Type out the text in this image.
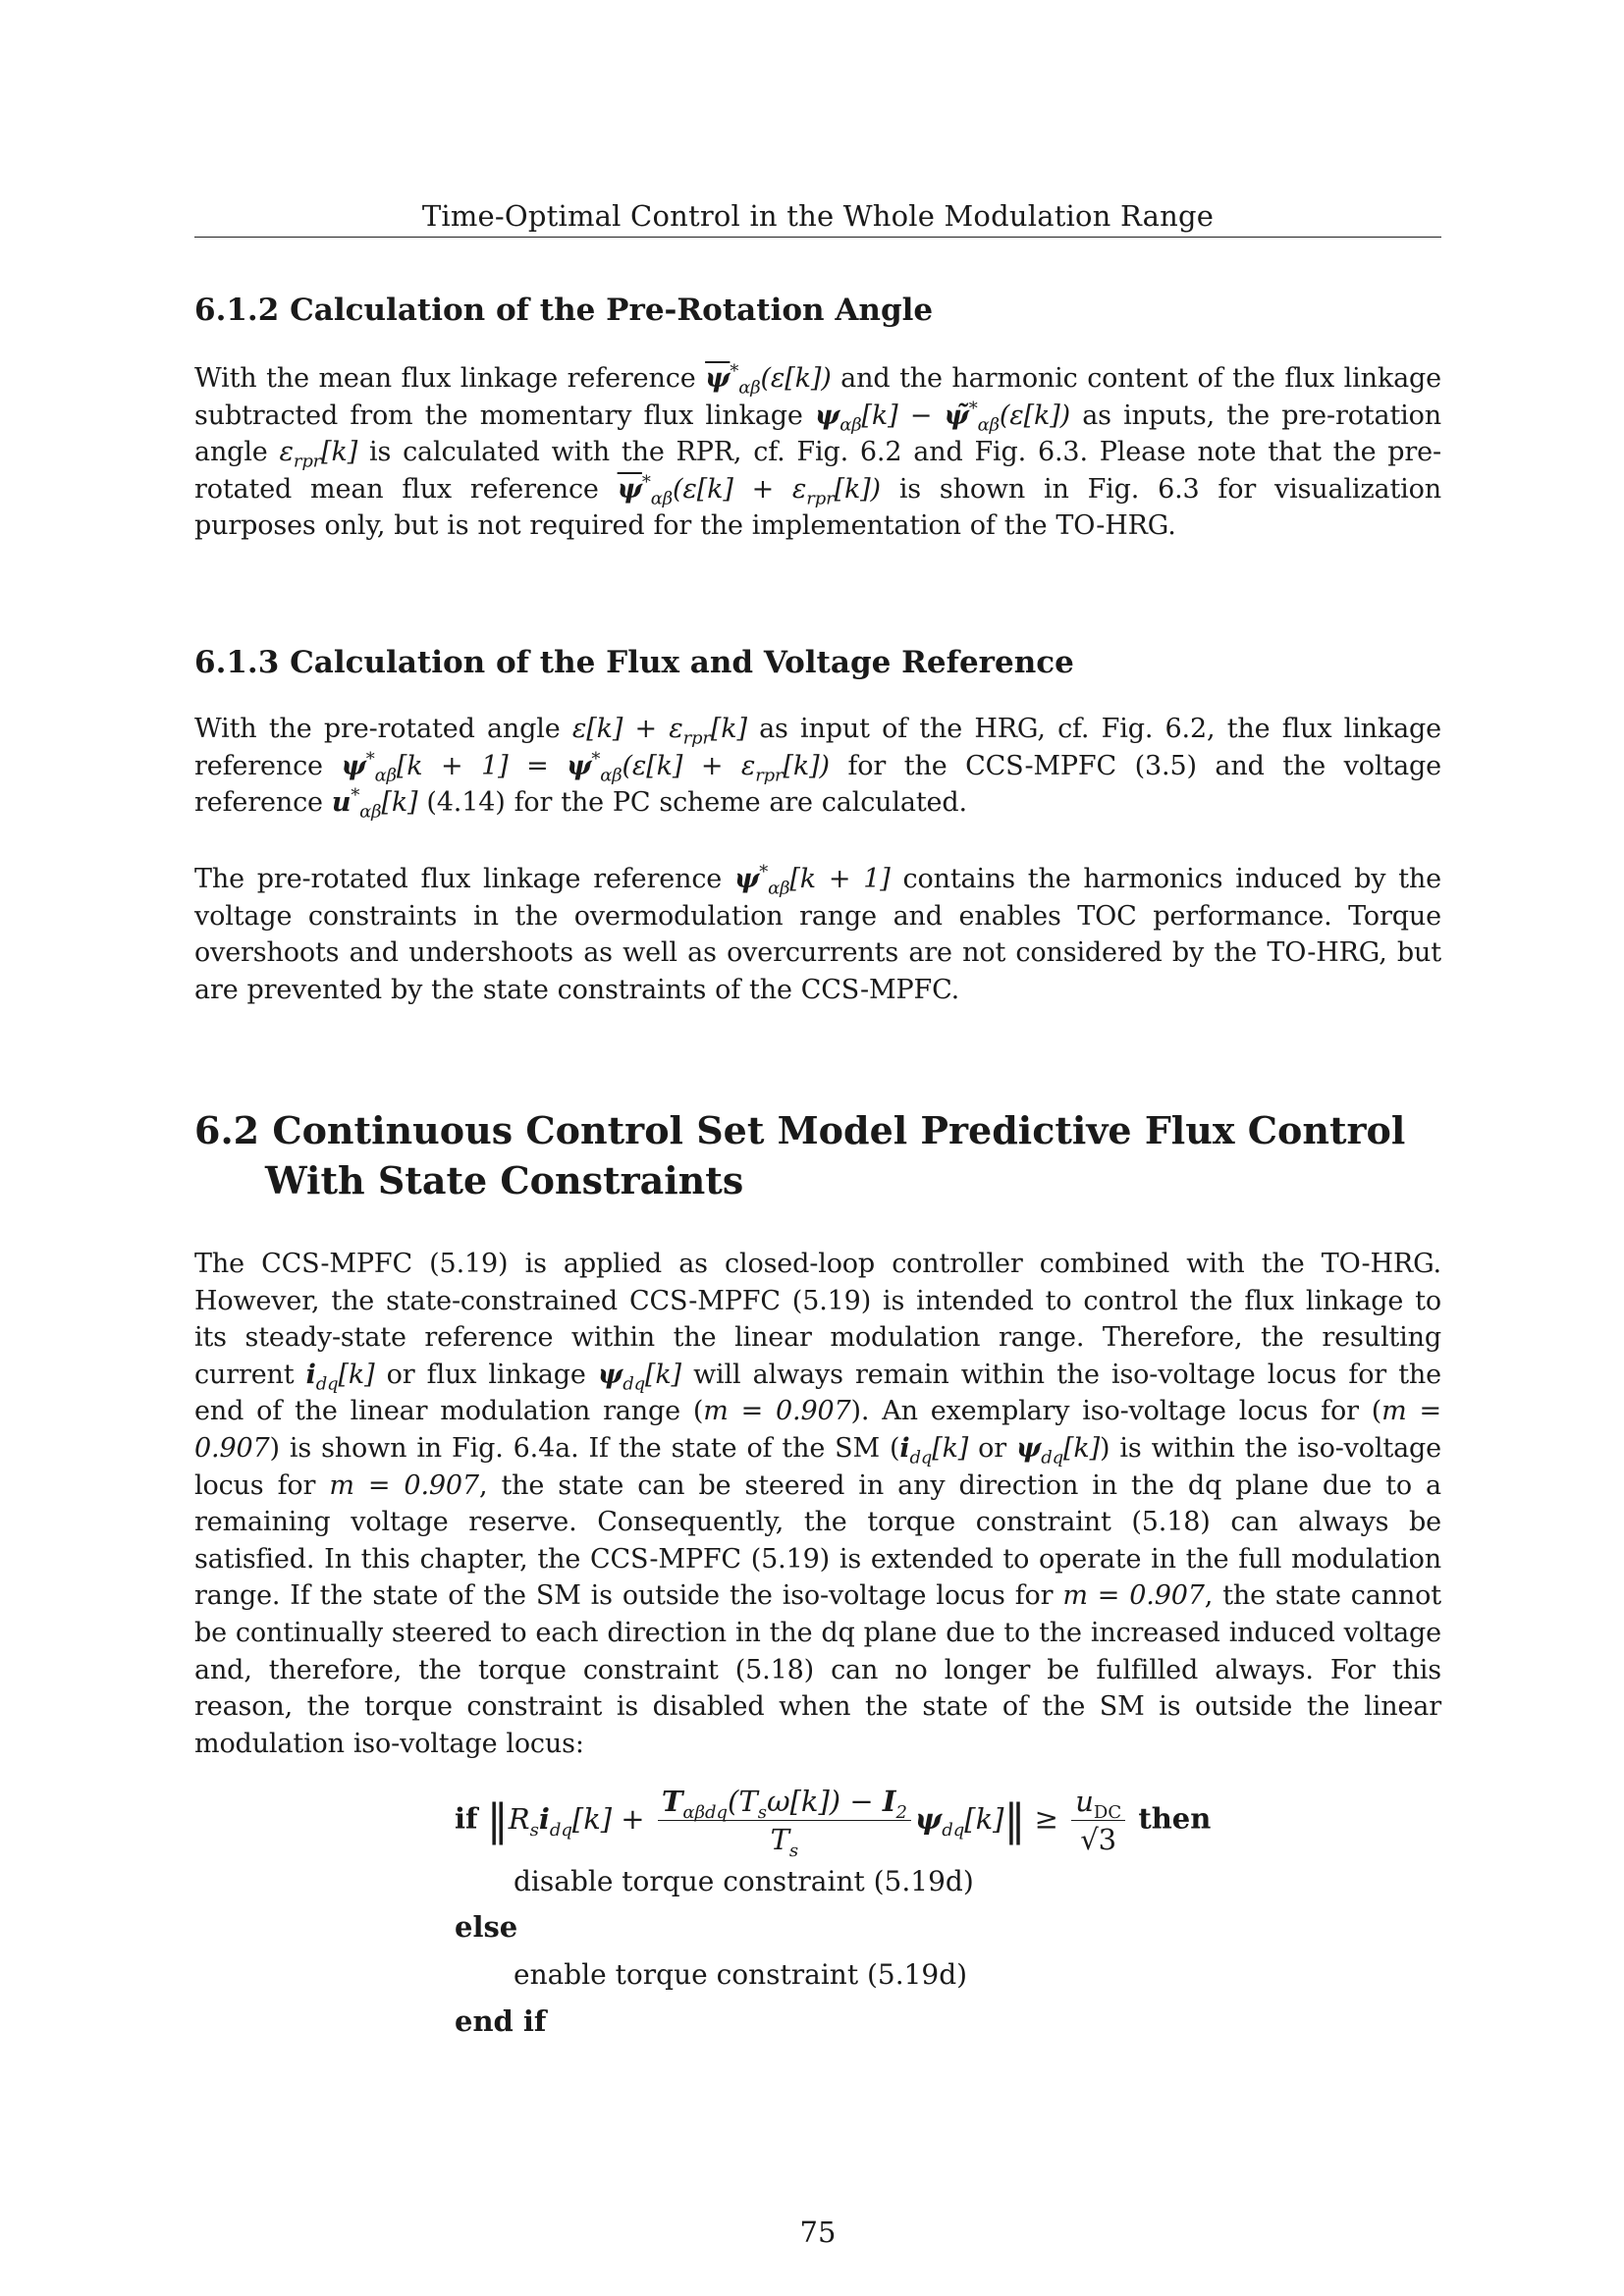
Time-Optimal Control in the Whole Modulation Range
6.1.2 Calculation of the Pre-Rotation Angle
With the mean flux linkage reference $\overline{\psi}^*_{\alpha\beta}(\varepsilon[k])$ and the harmonic content of the flux linkage subtracted from the momentary flux linkage $\psi_{\alpha\beta}[k]$ − $\psĩ^*_{\alpha\beta}(\varepsilon[k])$ as inputs, the pre-rotation angle $\varepsilon_{rpr}[k]$ is calculated with the RPR, cf. Fig. 6.2 and Fig. 6.3. Please note that the pre-rotated mean flux reference $\overline{\psi}^*_{\alpha\beta}(\varepsilon[k] + \varepsilon_{rpr}[k])$ is shown in Fig. 6.3 for visualization purposes only, but is not required for the implementation of the TO-HRG.
6.1.3 Calculation of the Flux and Voltage Reference
With the pre-rotated angle $\varepsilon[k] + \varepsilon_{rpr}[k]$ as input of the HRG, cf. Fig. 6.2, the flux linkage reference $\psi^*_{\alpha\beta}[k + 1] = \psi^*_{\alpha\beta}(\varepsilon[k] + \varepsilon_{rpr}[k])$ for the CCS-MPFC (3.5) and the voltage reference $u^*_{\alpha\beta}[k]$ (4.14) for the PC scheme are calculated.
The pre-rotated flux linkage reference $\psi^*_{\alpha\beta}[k + 1]$ contains the harmonics induced by the voltage constraints in the overmodulation range and enables TOC performance. Torque overshoots and undershoots as well as overcurrents are not considered by the TO-HRG, but are prevented by the state constraints of the CCS-MPFC.
6.2 Continuous Control Set Model Predictive Flux Control With State Constraints
The CCS-MPFC (5.19) is applied as closed-loop controller combined with the TO-HRG. However, the state-constrained CCS-MPFC (5.19) is intended to control the flux linkage to its steady-state reference within the linear modulation range. Therefore, the resulting current $i_{dq}[k]$ or flux linkage $\psi_{dq}[k]$ will always remain within the iso-voltage locus for the end of the linear modulation range (m = 0.907). An exemplary iso-voltage locus for (m = 0.907) is shown in Fig. 6.4a. If the state of the SM ($i_{dq}[k]$ or $\psi_{dq}[k]$) is within the iso-voltage locus for m = 0.907, the state can be steered in any direction in the dq plane due to a remaining voltage reserve. Consequently, the torque constraint (5.18) can always be satisfied. In this chapter, the CCS-MPFC (5.19) is extended to operate in the full modulation range. If the state of the SM is outside the iso-voltage locus for m = 0.907, the state cannot be continually steered to each direction in the dq plane due to the increased induced voltage and, therefore, the torque constraint (5.18) can no longer be fulfilled always. For this reason, the torque constraint is disabled when the state of the SM is outside the linear modulation iso-voltage locus:
if $‖R_si_{dq}[k] + \frac{T_{\alpha\beta dq}(T_s\omega[k]) - I_2}{T_s}$ $\psi_{dq}[k]‖ \ge \frac{u_{DC}}{√3}$ then
disable torque constraint (5.19d)
else
enable torque constraint (5.19d)
end if
75
